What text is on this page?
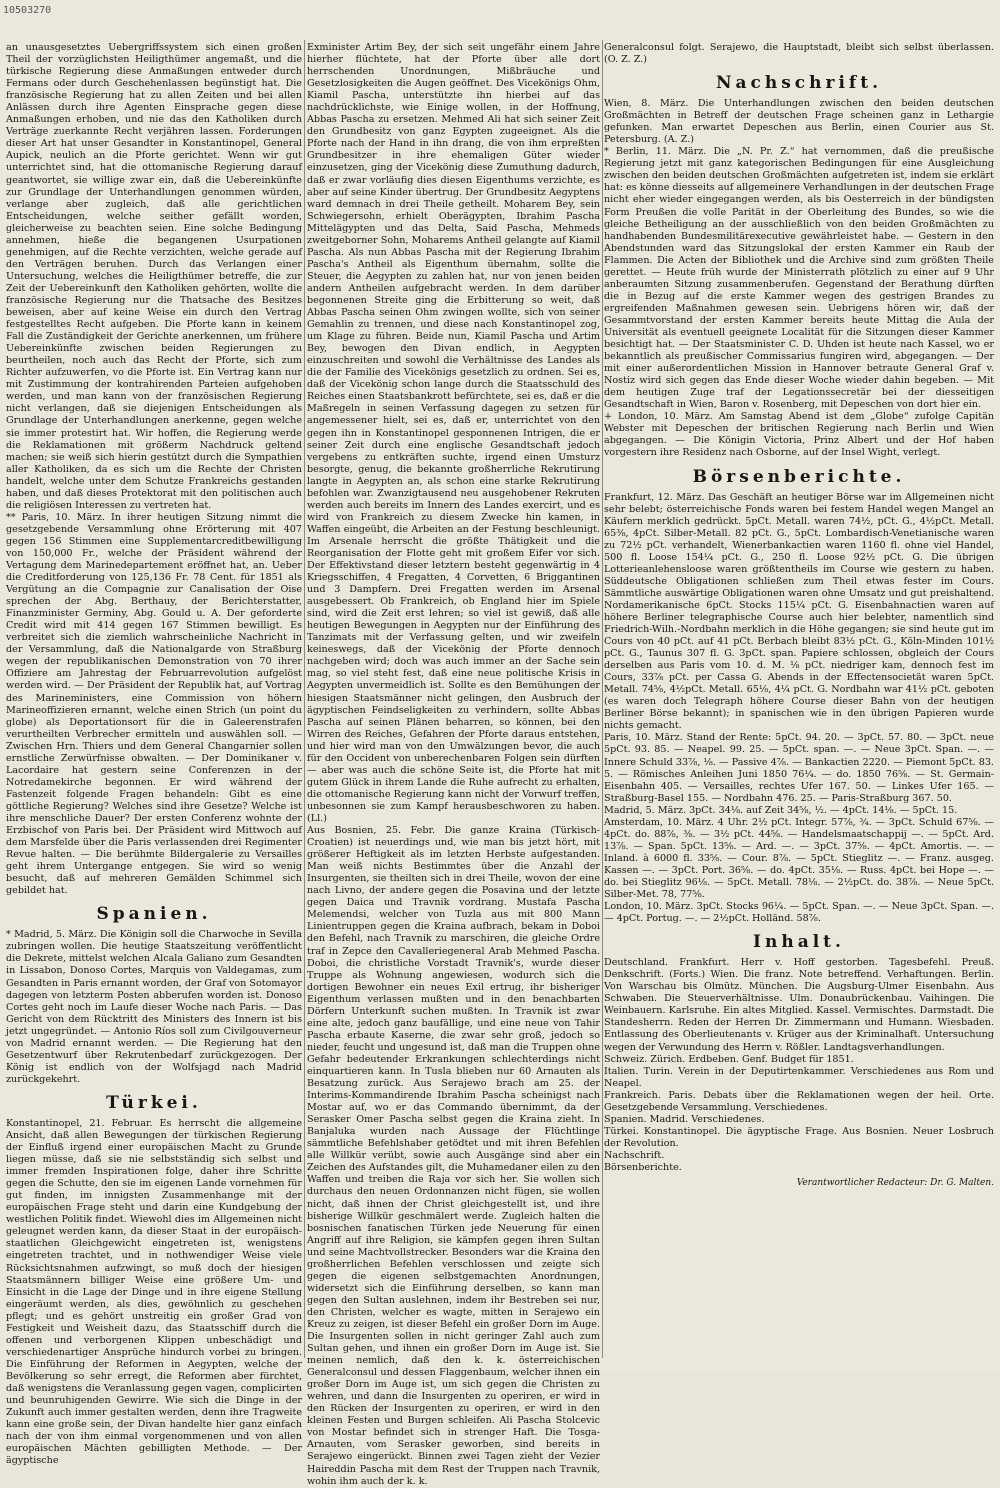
10503270

an unausgesetztes Uebergriffssystem sich einen großen Theil der vorzüglichsten Heiligthümer angemaßt, und die türkische Regierung diese Anmaßungen entweder durch Fermans oder durch Geschehenlassen begünstigt hat. Die französische Regierung hat zu allen Zeiten und bei allen Anlässen durch ihre Agenten Einsprache gegen diese Anmaßungen erhoben, und nie das den Katholiken durch Verträge zuerkannte Recht verjähren lassen. Forderungen dieser Art hat unser Gesandter in Konstantinopel, General Aupick, neulich an die Pforte gerichtet. Wenn wir gut unterrichtet sind, hat die ottomanische Regierung darauf geantwortet, sie willige zwar ein, daß die Uebereinkünfte zur Grundlage der Unterhandlungen genommen würden, verlange aber zugleich, daß alle gerichtlichen Entscheidungen, welche seither gefällt worden, gleicherweise zu beachten seien. Eine solche Bedingung annehmen, hieße die begangenen Usurpationen genehmigen, auf die Rechte verzichten, welche gerade auf den Verträgen beruhen. Durch das Verlangen einer Untersuchung, welches die Heiligthümer betreffe, die zur Zeit der Uebereinkunft den Katholiken gehörten, wollte die französische Regierung nur die Thatsache des Besitzes beweisen, aber auf keine Weise ein durch den Vertrag festgestelltes Recht aufgeben. Die Pforte kann in keinem Fall die Zuständigkeit der Gerichte anerkennen, um frühere Uebereinkünfte zwischen beiden Regierungen zu beurtheilen, noch auch das Recht der Pforte, sich zum Richter aufzuwerfen, vo die Pforte ist. Ein Vertrag kann nur mit Zustimmung der kontrahirenden Parteien aufgehoben werden, und man kann von der französischen Regierung nicht verlangen, daß sie diejenigen Entscheidungen als Grundlage der Unterhandlungen anerkenne, gegen welche sie immer protestirt hat. Wir hoffen, die Regierung werde die Reklamationen mit größerm Nachdruck geltend machen; sie weiß sich hierin gestützt durch die Sympathien aller Katholiken, da es sich um die Rechte der Christen handelt, welche unter dem Schutze Frankreichs gestanden haben, und daß dieses Protektorat mit den politischen auch die religiösen Interessen zu vertreten hat.

** Paris, 10. März. In ihrer heutigen Sitzung nimmt die gesetzgebende Versammlung ohne Erörterung mit 407 gegen 156 Stimmen eine Supplementarcreditbewilligung von 150,000 Fr., welche der Präsident während der Vertagung dem Marinedepartement eröffnet hat, an. Ueber die Creditforderung von 125,136 Fr. 78 Cent. für 1851 als Vergütung an die Compagnie zur Canalisation der Oise sprechen der Abg. Berthauy, der Berichterstatter, Finanzminister Germiny, Abg. Gould u. A. Der geforderte Credit wird mit 414 gegen 167 Stimmen bewilligt. Es verbreitet sich die ziemlich wahrscheinliche Nachricht in der Versammlung, daß die Nationalgarde von Straßburg wegen der republikanischen Demonstration von 70 ihrer Offiziere am Jahrestag der Februarrevolution aufgelöst werden wird. — Der Präsident der Republik hat, auf Vortrag des Marineministers, eine Commission von höhern Marineoffizieren ernannt, welche einen Strich (un point du globe) als Deportationsort für die in Galeerenstrafen verurtheilten Verbrecher ermitteln und auswählen soll. — Zwischen Hrn. Thiers und dem General Changarnier sollen ernstliche Zerwürfnisse obwalten. — Der Dominikaner v. Lacordaire hat gestern seine Conferenzen in der Notredamekirche begonnen. Er wird während der Fastenzeit folgende Fragen behandeln: Gibt es eine göttliche Regierung? Welches sind ihre Gesetze? Welche ist ihre menschliche Dauer? Der ersten Conferenz wohnte der Erzbischof von Paris bei. Der Präsident wird Mittwoch auf dem Marsfelde über die Paris verlassenden drei Regimenter Revue halten. — Die berühmte Bildergalerie zu Versailles geht ihrem Untergange entgegen. Sie wird so wenig besucht, daß auf mehreren Gemälden Schimmel sich gebildet hat.

Spanien.

* Madrid, 5. März. Die Königin soll die Charwoche in Sevilla zubringen wollen. Die heutige Staatszeitung veröffentlicht die Dekrete, mittelst welchen Alcala Galiano zum Gesandten in Lissabon, Donoso Cortes, Marquis von Valdegamas, zum Gesandten in Paris ernannt worden, der Graf von Sotomayor dagegen von letzterm Posten abberufen worden ist. Donoso Cortes geht noch im Laufe dieser Woche nach Paris. — Das Gericht von dem Rücktritt des Ministers des Innern ist bis jetzt ungegründet. — Antonio Ríos soll zum Civilgouverneur von Madrid ernannt werden. — Die Regierung hat den Gesetzentwurf über Rekrutenbedarf zurückgezogen. Der König ist endlich von der Wolfsjagd nach Madrid zurückgekehrt.

Türkei.

Konstantinopel, 21. Februar. Es herrscht die allgemeine Ansicht, daß allen Bewegungen der türkischen Regierung der Einfluß irgend einer europäischen Macht zu Grunde liegen müsse, daß sie nie selbstständig sich selbst und immer fremden Inspirationen folge, daher ihre Schritte gegen die Schutte, den sie im eigenen Lande vornehmen für gut finden, im innigsten Zusammenhange mit der europäischen Frage steht und darin eine Kundgebung der westlichen Politik findet. Wiewohl dies im Allgemeinen nicht geleugnet werden kann, da dieser Staat in der europäisch-staatlichen Gleichgewicht eingetreten ist, wenigstens eingetreten trachtet, und in nothwendiger Weise viele Rücksichtsnahmen aufzwingt, so muß doch der hiesigen Staatsmännern billiger Weise eine größere Um- und Einsicht in die Lage der Dinge und in ihre eigene Stellung eingeräumt werden, als dies, gewöhnlich zu geschehen pflegt; und es gehört unstreitig ein großer Grad von Festigkeit und Weisheit dazu, das Staatsschiff durch die offenen und verborgenen Klippen unbeschädigt und verschiedenartiger Ansprüche hindurch vorbei zu bringen. Die Einführung der Reformen in Aegypten, welche der Bevölkerung so sehr erregt, die Reformen aber fürchtet, daß wenigstens die Veranlassung gegen vagen, complicirten und beunruhigenden Gewirre. Wie sich die Dinge in der Zukunft auch immer gestalten werden, denn ihre Tragweite kann eine große sein, der Divan handelte hier ganz einfach nach der von ihm einmal vorgenommenen und von allen europäischen Mächten gebilligten Methode. — Der ägyptische

Exminister Artim Bey, der sich seit ungefähr einem Jahre hierher flüchtete, hat der Pforte über alle dort herrschenden Unordnungen, Mißbräuche und Gesetzlosigkeiten die Augen geöffnet. Des Vicekönigs Ohm, Kiamil Pascha, unterstützte ihn hierbei auf das nachdrücklichste, wie Einige wollen, in der Hoffnung, Abbas Pascha zu ersetzen. Mehmed Ali hat sich seiner Zeit den Grundbesitz von ganz Egypten zugeeignet. Als die Pforte nach der Hand in ihn drang, die von ihm erpreßten Grundbesitzer in ihre ehemaligen Güter wieder einzusetzen, ging der Vicekönig diese Zumuthung dadurch, daß er zwar vorläufig dies diesen Eigenthums verzichte, es aber auf seine Kinder übertrug. Der Grundbesitz Aegyptens ward demnach in drei Theile getheilt. Moharem Bey, sein Schwiegersohn, erhielt Oberägypten, Ibrahim Pascha Mittelägypten und das Delta, Said Pascha, Mehmeds zweitgeborner Sohn, Moharems Antheil gelangte auf Kiamil Pascha. Als nun Abbas Pascha mit der Regierung Ibrahim Pascha's Antheil als Eigenthum übernahm, sollte die Steuer, die Aegypten zu zahlen hat, nur von jenen beiden andern Antheilen aufgebracht werden. In dem darüber begonnenen Streite ging die Erbitterung so weit, daß Abbas Pascha seinen Ohm zwingen wollte, sich von seiner Gemahlin zu trennen, und diese nach Konstantinopel zog, um Klage zu führen. Beide nun, Kiamil Pascha und Artim Bey, bewogen den Divan endlich, in Aegypten einzuschreiten und sowohl die Verhältnisse des Landes als die der Familie des Vicekönigs gesetzlich zu ordnen. Sei es, daß der Vicekönig schon lange durch die Staatsschuld des Reiches einen Staatsbankrott befürchtete, sei es, daß er die Maßregeln in seinen Verfassung dagegen zu setzen für angemessener hielt, sei es, daß er, unterrichtet von den gegen ihn in Konstantinopel gesponnenen Intrigen, die er seiner Zeit durch eine englische Gesandtschaft jedoch vergebens zu entkräften suchte, irgend einen Umsturz besorgte, genug, die bekannte großherrliche Rekrutirung langte in Aegypten an, als schon eine starke Rekrutirung befohlen war. Zwanzigtausend neu ausgehobener Rekruten werden auch bereits im Innern des Landes exercirt, und es wird von Frankreich zu diesem Zwecke hin kamen, in Waffen eingeübt, die Arbeiten an der Festung beschleunigt. Im Arsenale herrscht die größte Thätigkeit und die Reorganisation der Flotte geht mit großem Eifer vor sich. Der Effektivstand dieser letztern besteht gegenwärtig in 4 Kriegsschiffen, 4 Fregatten, 4 Corvetten, 6 Briggantinen und 3 Dampfern. Drei Fregatten werden im Arsenal ausgebessert. Ob Frankreich, ob England hier im Spiele sind, wird die Zeit erst lehren; so viel ist gewiß, daß alle heutigen Bewegungen in Aegypten nur der Einführung des Tanzimats mit der Verfassung gelten, und wir zweifeln keineswegs, daß der Vicekönig der Pforte dennoch nachgeben wird; doch was auch immer an der Sache sein mag, so viel steht fest, daß eine neue politische Krisis in Aegypten unvermeidlich ist. Sollte es den Bemühungen der hiesigen Staatsmänner nicht gelingen, den Ausbruch der ägyptischen Feindseligkeiten zu verhindern, sollte Abbas Pascha auf seinen Plänen beharren, so können, bei den Wirren des Reiches, Gefahren der Pforte daraus entstehen, und hier wird man von den Umwälzungen bevor, die auch für den Occident von unberechenbaren Folgen sein dürften — aber was auch die schöne Seite ist, die Pforte hat mit gutem Glück in ihrem Lande die Ruhe aufrecht zu erhalten, die ottomanische Regierung kann nicht der Vorwurf treffen, unbesonnen sie zum Kampf herausbeschworen zu haben. (Ll.)

Aus Bosnien, 25. Febr. Die ganze Kraina (Türkisch-Croatien) ist neuerdings und, wie man bis jetzt hört, mit größerer Heftigkeit als im letzten Herbste aufgestanden. Man weiß nichts Bestimmtes über die Anzahl der Insurgenten, sie theilten sich in drei Theile, wovon der eine nach Livno, der andere gegen die Posavina und der letzte gegen Daica und Travnik vordrang. Mustafa Pascha Melemendsi, welcher von Tuzla aus mit 800 Mann Linientruppen gegen die Kraina aufbrach, bekam in Doboi den Befehl, nach Travnik zu marschiren, die gleiche Ordre traf in Zepce den Cavalleriegeneral Arab Mehmed Pascha. Doboi, die christliche Vorstadt Travnik's, wurde dieser Truppe als Wohnung angewiesen, wodurch sich die dortigen Bewohner ein neues Exil ertrug, ihr bisheriger Eigenthum verlassen mußten und in den benachbarten Dörfern Unterkunft suchen mußten. In Travnik ist zwar eine alte, jedoch ganz baufällige, und eine neue von Tahir Pascha erbaute Kaserne, die zwar sehr groß, jedoch so nieder, feucht und ungesund ist, daß man die Truppen ohne Gefahr bedeutender Erkrankungen schlechterdings nicht einquartieren kann. In Tusla blieben nur 60 Arnauten als Besatzung zurück. Aus Serajewo brach am 25. der Interims-Kommandirende Ibrahim Pascha scheinigst nach Mostar auf, wo er das Commando übernimmt, da der Serasker Omer Pascha selbst gegen die Kraina zieht. In Banjaluka wurden nach Aussage der Flüchtlinge sämmtliche Befehlshaber getödtet und mit ihren Befehlen alle Willkür verübt, sowie auch Ausgänge sind aber ein Zeichen des Aufstandes gilt, die Muhamedaner eilen zu den Waffen und treiben die Raja vor sich her. Sie wollen sich durchaus den neuen Ordonnanzen nicht fügen, sie wollen nicht, daß ihnen der Christ gleichgestellt ist, und ihre bisherige Willkür geschmälert werde. Zugleich halten die bosnischen fanatischen Türken jede Neuerung für einen Angriff auf ihre Religion, sie kämpfen gegen ihren Sultan und seine Machtvollstrecker. Besonders war die Kraina den großherrlichen Befehlen verschlossen und zeigte sich gegen die eigenen selbstgemachten Anordnungen, widersetzt sich die Einführung derselben, so kann man gegen den Sultan auslehnen, indem ihr Bestreben sei nur, den Christen, welcher es wagte, mitten in Serajewo ein Kreuz zu zeigen, ist dieser Befehl ein großer Dorn im Auge. Die Insurgenten sollen in nicht geringer Zahl auch zum Sultan gehen, und ihnen ein großer Dorn im Auge ist. Sie meinen nemlich, daß den k. k. österreichischen Generalconsul und dessen Flaggenbaum, welcher ihnen ein großer Dorn im Auge ist, um sich gegen die Christen zu wehren, und dann die Insurgenten zu operiren, er wird in den Rücken der Insurgenten zu operiren, er wird in den kleinen Festen und Burgen schleifen. Ali Pascha Stolcevic von Mostar befindet sich in strenger Haft. Die Tosga-Arnauten, vom Serasker geworben, sind bereits in Serajewo eingerückt. Binnen zwei Tagen zieht der Vezier Haireddin Pascha mit dem Rest der Truppen nach Travnik, wohin ihm auch der k. k.

Generalconsul folgt. Serajewo, die Hauptstadt, bleibt sich selbst überlassen. (O. Z. Z.)

Nachschrift.

Wien, 8. März. Die Unterhandlungen zwischen den beiden deutschen Großmächten in Betreff der deutschen Frage scheinen ganz in Lethargie gefunken. Man erwartet Depeschen aus Berlin, einen Courier aus St. Petersburg. (A. Z.)

* Berlin, 11. März. Die „N. Pr. Z.“ hat vernommen, daß die preußische Regierung jetzt mit ganz kategorischen Bedingungen für eine Ausgleichung zwischen den beiden deutschen Großmächten aufgetreten ist, indem sie erklärt hat: es könne diesseits auf allgemeinere Verhandlungen in der deutschen Frage nicht eher wieder eingegangen werden, als bis Oesterreich in der bündigsten Form Preußen die volle Parität in der Oberleitung des Bundes, so wie die gleiche Betheiligung an der ausschließlich von den beiden Großmächten zu handhabenden Bundesmilitärexecutive gewährleistet habe. — Gestern in den Abendstunden ward das Sitzungslokal der ersten Kammer ein Raub der Flammen. Die Acten der Bibliothek und die Archive sind zum größten Theile gerettet. — Heute früh wurde der Ministerrath plötzlich zu einer auf 9 Uhr anberaumten Sitzung zusammenberufen. Gegenstand der Berathung dürften die in Bezug auf die erste Kammer wegen des gestrigen Brandes zu ergreifenden Maßnahmen gewesen sein. Uebrigens hören wir, daß der Gesammtvorstand der ersten Kammer bereits heute Mittag die Aula der Universität als eventuell geeignete Localität für die Sitzungen dieser Kammer besichtigt hat. — Der Staatsminister C. D. Uhden ist heute nach Kassel, wo er bekanntlich als preußischer Commissarius fungiren wird, abgegangen. — Der mit einer außerordentlichen Mission in Hannover betraute General Graf v. Nostiz wird sich gegen das Ende dieser Woche wieder dahin begeben. — Mit dem heutigen Zuge traf der Legationssecretär bei der diesseitigen Gesandtschaft in Wien, Baron v. Rosenberg, mit Depeschen von dort hier ein.

+ London, 10. März. Am Samstag Abend ist dem „Globe“ zufolge Capitän Webster mit Depeschen der britischen Regierung nach Berlin und Wien abgegangen. — Die Königin Victoria, Prinz Albert und der Hof haben vorgestern ihre Residenz nach Osborne, auf der Insel Wight, verlegt.

Börsenberichte.

Frankfurt, 12. März. Das Geschäft an heutiger Börse war im Allgemeinen nicht sehr belebt; österreichische Fonds waren bei festem Handel wegen Mangel an Käufern merklich gedrückt. 5pCt. Metall. waren 74½, pCt. G., 4½pCt. Metall. 65⅜, 4pCt. Silber-Metall. 82 pCt. G., 5pCt. Lombardisch-Venetianische waren zu 72½ pCt. verhandelt, Wienerbankactien waren 1160 fl. ohne viel Handel, 500 fl. Loose 154¼ pCt. G., 250 fl. Loose 92½ pCt. G. Die übrigen Lotterieanlehensloose waren größtentheils im Course wie gestern zu haben. Süddeutsche Obligationen schließen zum Theil etwas fester im Cours. Sämmtliche auswärtige Obligationen waren ohne Umsatz und gut preishaltend. Nordamerikanische 6pCt. Stocks 115¼ pCt. G. Eisenbahnactien waren auf höhere Berliner telegraphische Course auch hier belebter, namentlich sind Friedrich-Wilh.-Nordbahn merklich in die Höhe gegangen; sie sind heute gut im Cours von 40 pCt. auf 41 pCt. Berbach bleibt 83½ pCt. G., Köln-Minden 101½ pCt. G., Taunus 307 fl. G. 3pCt. span. Papiere schlossen, obgleich der Cours derselben aus Paris vom 10. d. M. ⅛ pCt. niedriger kam, dennoch fest im Cours, 33⅞ pCt. per Cassa G. Abends in der Effectensocietät waren 5pCt. Metall. 74⅝, 4½pCt. Metall. 65⅛, 4¼ pCt. G. Nordbahn war 41½ pCt. geboten (es waren doch Telegraph höhere Course dieser Bahn von der heutigen Berliner Börse bekannt); in spanischen wie in den übrigen Papieren wurde nichts gemacht.

Paris, 10. März. Stand der Rente: 5pCt. 94. 20. — 3pCt. 57. 80. — 3pCt. neue 5pCt. 93. 85. — Neapel. 99. 25. — 5pCt. span. —. — Neue 3pCt. Span. —. — Innere Schuld 33⅞, ⅛. — Passive 4⅞. — Bankactien 2220. — Piemont 5pCt. 83. 5. — Römisches Anleihen Juni 1850 76¼. — do. 1850 76⅝. — St. Germain-Eisenbahn 405. — Versailles, rechtes Ufer 167. 50. — Linkes Ufer 165. — Straßburg-Basel 155. — Nordbahn 476. 25. — Paris-Straßburg 367. 50.

Madrid, 5. März. 3pCt. 34⅛. auf Zeit 34⅝, ½. — 4pCt. 14⅛. — 5pCt. 15.

Amsterdam, 10. März. 4 Uhr. 2½ pCt. Integr. 57⅞, ¾. — 3pCt. Schuld 67⅝. — 4pCt. do. 88⅞, ⅜. — 3½ pCt. 44⅝. — Handelsmaatschappij —. — 5pCt. Ard. 13⅞. — Span. 5pCt. 13⅝. — Ard. —. — 3pCt. 37⅝. — 4pCt. Amortis. —. — Inland. à 6000 fl. 33⅝. — Cour. 8⅞. — 5pCt. Stieglitz —. — Franz. ausgeg. Kassen —. — 3pCt. Port. 36⅝. — do. 4pCt. 35⅛. — Russ. 4pCt. bei Hope —. — do. bei Stieglitz 96⅛. — 5pCt. Metall. 78⅛. — 2½pCt. do. 38⅞. — Neue 5pCt. Silber-Met. 78, 77⅝.

London, 10. März. 3pCt. Stocks 96¼. — 5pCt. Span. —. — Neue 3pCt. Span. —. — 4pCt. Portug. —. — 2½pCt. Holländ. 58⅞.

Inhalt.

Deutschland. Frankfurt. Herr v. Hoff gestorben. Tagesbefehl. Preuß. Denkschrift. (Forts.) Wien. Die franz. Note betreffend. Verhaftungen. Berlin. Von Warschau bis Olmütz. München. Die Augsburg-Ulmer Eisenbahn. Aus Schwaben. Die Steuerverhältnisse. Ulm. Donaubrückenbau. Vaihingen. Die Weinbauern. Karlsruhe. Ein altes Mitglied. Kassel. Vermischtes. Darmstadt. Die Standesherrn. Reden der Herren Dr. Zimmermann und Humann. Wiesbaden. Entlassung des Oberlieutenants v. Krüger aus der Kriminalhaft. Untersuchung wegen der Verwundung des Herrn v. Rößler. Landtagsverhandlungen.

Schweiz. Zürich. Erdbeben. Genf. Budget für 1851.

Italien. Turin. Verein in der Deputirtenkammer. Verschiedenes aus Rom und Neapel.

Frankreich. Paris. Debats über die Reklamationen wegen der heil. Orte. Gesetzgebende Versammlung. Verschiedenes.

Spanien. Madrid. Verschiedenes.

Türkei. Konstantinopel. Die ägyptische Frage. Aus Bosnien. Neuer Losbruch der Revolution.

Nachschrift.

Börsenberichte.

Verantwortlicher Redacteur: Dr. G. Malten.
